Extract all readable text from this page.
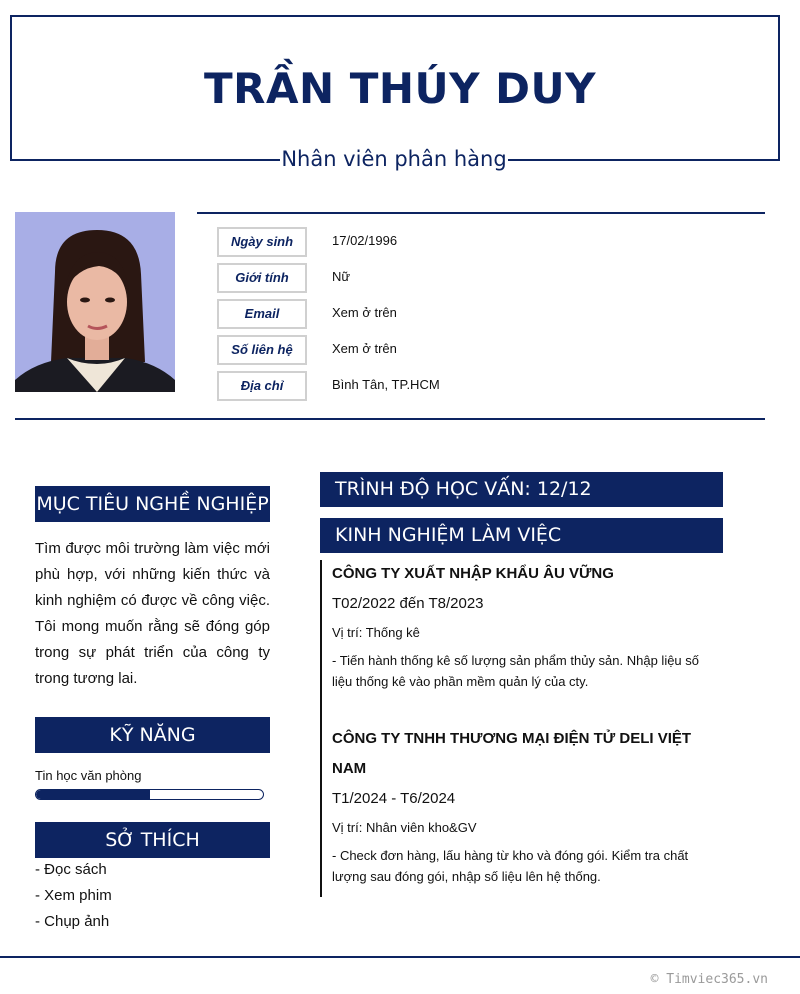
TRẦN THÚY DUY
Nhân viên phân hàng
Ngày sinh	17/02/1996
Giới tính	Nữ
Email	Xem ở trên
Số liên hệ	Xem ở trên
Địa chỉ	Bình Tân, TP.HCM
MỤC TIÊU NGHỀ NGHIỆP
Tìm được môi trường làm việc mới phù hợp, với những kiến thức và kinh nghiệm có được về công việc. Tôi mong muốn rằng sẽ đóng góp trong sự phát triển của công ty trong tương lai.
KỸ NĂNG
Tin học văn phòng
SỞ THÍCH
- Đọc sách
- Xem phim
- Chụp ảnh
TRÌNH ĐỘ HỌC VẤN: 12/12
KINH NGHIỆM LÀM VIỆC
CÔNG TY XUẤT NHẬP KHẨU ÂU VỮNG
T02/2022 đến T8/2023
Vị trí: Thống kê
- Tiến hành thống kê số lượng sản phẩm thủy sản. Nhập liệu số liệu thống kê vào phần mềm quản lý của cty.
CÔNG TY TNHH THƯƠNG MẠI ĐIỆN TỬ DELI VIỆT NAM
T1/2024 - T6/2024
Vị trí: Nhân viên kho&GV
- Check đơn hàng, lấu hàng từ kho và đóng gói. Kiểm tra chất lượng sau đóng gói, nhập số liệu lên hệ thống.
© Timviec365.vn
